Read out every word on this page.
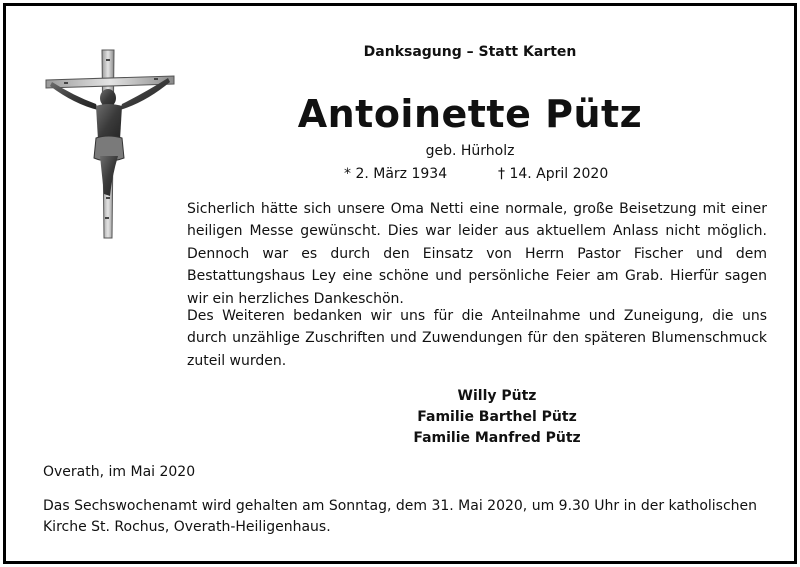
Danksagung – Statt Karten
Antoinette Pütz
geb. Hürholz
* 2. März 1934	† 14. April 2020

Sicherlich hätte sich unsere Oma Netti eine normale, große Beisetzung mit einer heiligen Messe gewünscht. Dies war leider aus aktuellem Anlass nicht möglich. Dennoch war es durch den Einsatz von Herrn Pastor Fischer und dem Bestattungshaus Ley eine schöne und persönliche Feier am Grab. Hierfür sagen wir ein herzliches Dankeschön.

Des Weiteren bedanken wir uns für die Anteilnahme und Zuneigung, die uns durch unzählige Zuschriften und Zuwendungen für den späteren Blumenschmuck zuteil wurden.

Willy Pütz
Familie Barthel Pütz
Familie Manfred Pütz
Overath, im Mai 2020

Das Sechswochenamt wird gehalten am Sonntag, dem 31. Mai 2020, um 9.30 Uhr in der katholischen Kirche St. Rochus, Overath-Heiligenhaus.
